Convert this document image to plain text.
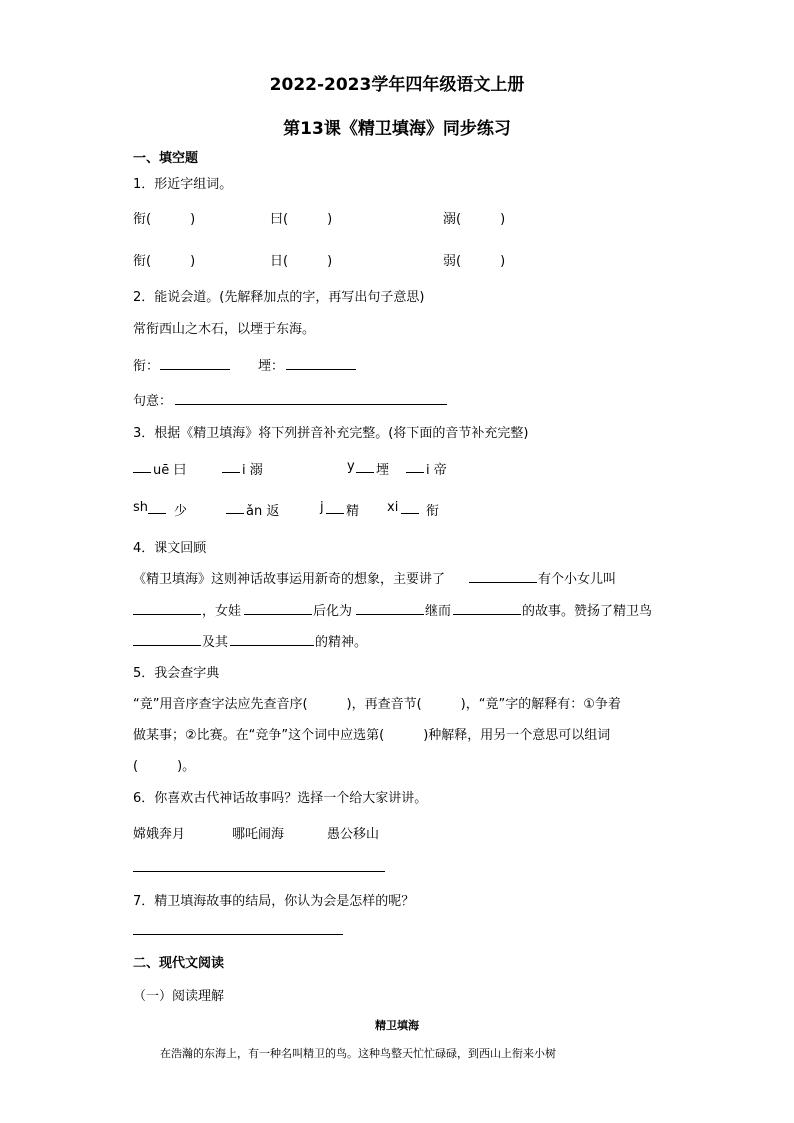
2022-2023学年四年级语文上册
第13课《精卫填海》同步练习
一、填空题
1．形近字组词。
衔(　　　)	曰(　　　)	溺(　　　)
衔(　　　)	日(　　　)	弱(　　　)
2．能说会道。(先解释加点的字，再写出句子意思)
常衔西山之木石，以堙于东海。
衔：	堙：
句意：
3．根据《精卫填海》将下列拼音补充完整。(将下面的音节补充完整)
uē 曰	i 溺	y 堙	i 帝
sh 少	ǎn 返	j 精 xi 衔
4．课文回顾
《精卫填海》这则神话故事运用新奇的想象，主要讲了	有个小女儿叫
，女娃	后化为	继而	的故事。赞扬了精卫鸟
及其	的精神。
5．我会查字典
“竟”用音序查字法应先查音序(　　　)，再查音节(　　　)，“竟”字的解释有：①争着
做某事；②比赛。在“竞争”这个词中应选第(　　　)种解释，用另一个意思可以组词
(　　　)。
6．你喜欢古代神话故事吗？选择一个给大家讲讲。
嫦娥奔月	哪吒闹海	愚公移山
7．精卫填海故事的结局，你认为会是怎样的呢？
二、现代文阅读
（一）阅读理解
精卫填海
在浩瀚的东海上，有一种名叫精卫的鸟。这种鸟整天忙忙碌碌，到西山上衔来小树
